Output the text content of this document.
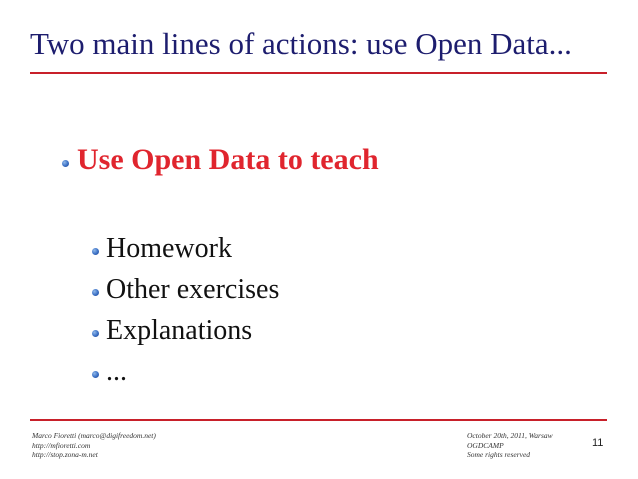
Two main lines of actions: use Open Data...
Use Open Data to teach
Homework
Other exercises
Explanations
...
Marco Fioretti (marco@digifreedom.net)
http://mfioretti.com
http://stop.zona-m.net
October 20th, 2011, Warsaw
OGDCAMP
Some rights reserved
11
